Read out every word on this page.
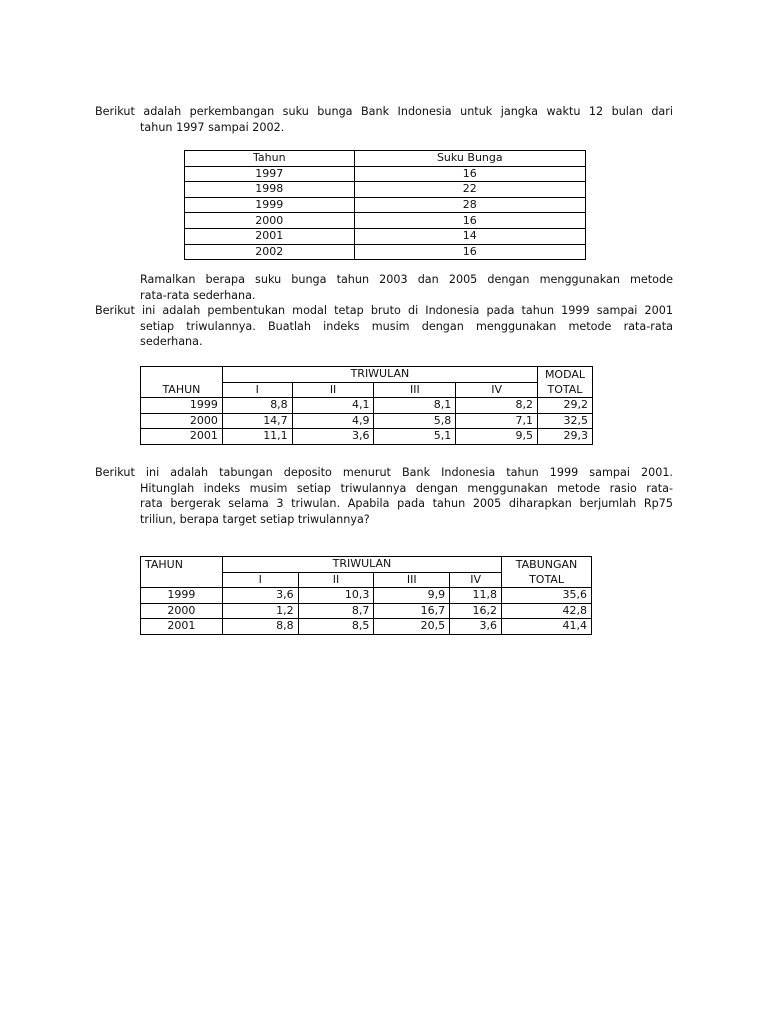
Berikut adalah perkembangan suku bunga Bank Indonesia untuk jangka waktu 12 bulan dari
tahun 1997 sampai 2002.
Tahun	Suku Bunga
1997	16
1998	22
1999	28
2000	16
2001	14
2002	16
Ramalkan berapa suku bunga tahun 2003 dan 2005 dengan menggunakan metode
rata-rata sederhana.
Berikut ini adalah pembentukan modal tetap bruto di Indonesia pada tahun 1999 sampai 2001
setiap triwulannya. Buatlah indeks musim dengan menggunakan metode rata-rata
sederhana.
	TRIWULAN				MODAL
TAHUN	I	II	III	IV	TOTAL
1999	8,8	4,1	8,1	8,2	29,2
2000	14,7	4,9	5,8	7,1	32,5
2001	11,1	3,6	5,1	9,5	29,3
Berikut ini adalah tabungan deposito menurut Bank Indonesia tahun 1999 sampai 2001.
Hitunglah indeks musim setiap triwulannya dengan menggunakan metode rasio rata-
rata bergerak selama 3 triwulan. Apabila pada tahun 2005 diharapkan berjumlah Rp75
triliun, berapa target setiap triwulannya?
TAHUN	TRIWULAN				TABUNGAN
	I	II	III	IV	TOTAL
1999	3,6	10,3	9,9	11,8	35,6
2000	1,2	8,7	16,7	16,2	42,8
2001	8,8	8,5	20,5	3,6	41,4
